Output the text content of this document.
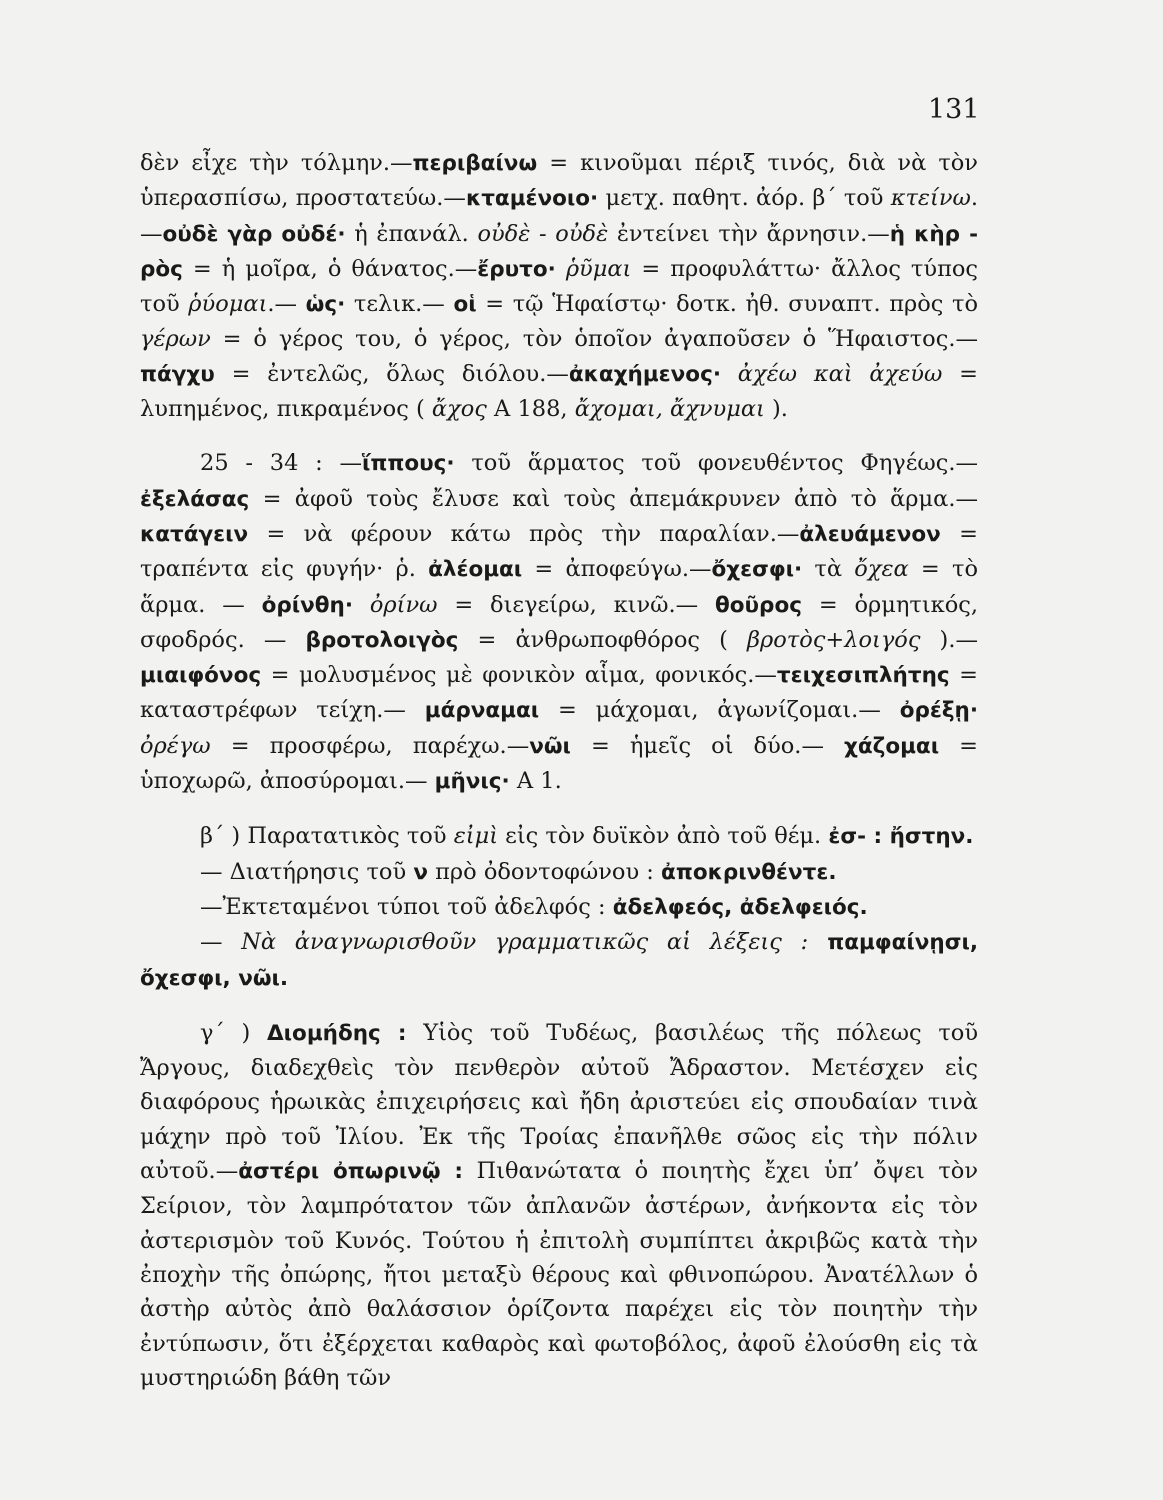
131

δὲν εἶχε τὴν τόλμην.—περιβαίνω = κινοῦμαι πέριξ τινός, διὰ νὰ τὸν ὑπερασπίσω, προστατεύω.—κταμένοιο· μετχ. παθητ. ἀόρ. β΄ τοῦ κτείνω.—οὐδὲ γὰρ οὐδέ· ἡ ἐπανάλ. οὐδὲ - οὐδὲ ἐντείνει τὴν ἄρνησιν.—ἡ κὴρ - ρὸς = ἡ μοῖρα, ὁ θάνατος.—ἔρυτο· ῥῦμαι = προφυλάττω· ἄλλος τύπος τοῦ ῥύομαι.— ὡς· τελικ.— οἱ = τῷ Ἡφαίστῳ· δοτκ. ἠθ. συναπτ. πρὸς τὸ γέρων = ὁ γέρος του, ὁ γέρος, τὸν ὁποῖον ἀγαποῦσεν ὁ Ἥφαιστος.—πάγχυ = ἐντελῶς, ὅλως διόλου.—ἀκαχήμενος· ἀχέω καὶ ἀχεύω = λυπημένος, πικραμένος ( ἄχος Α 188, ἄχομαι, ἄχνυμαι ).

25 - 34 : —ἵππους· τοῦ ἅρματος τοῦ φονευθέντος Φηγέως.— ἐξελάσας = ἀφοῦ τοὺς ἔλυσε καὶ τοὺς ἀπεμάκρυνεν ἀπὸ τὸ ἅρμα.—κατάγειν = νὰ φέρουν κάτω πρὸς τὴν παραλίαν.—ἀλευάμενον = τραπέντα εἰς φυγήν· ῥ. ἀλέομαι = ἀποφεύγω.—ὄχεσφι· τὰ ὄχεα = τὸ ἅρμα. — ὀρίνθη· ὀρίνω = διεγείρω, κινῶ.— θοῦρος = ὁρμητικός, σφοδρός. — βροτολοιγὸς = ἀνθρωποφθόρος ( βροτὸς+λοιγός ).—μιαιφόνος = μολυσμένος μὲ φονικὸν αἷμα, φονικός.—τειχεσιπλήτης = καταστρέφων τείχη.— μάρναμαι = μάχομαι, ἀγωνίζομαι.— ὀρέξῃ· ὀρέγω = προσφέρω, παρέχω.—νῶι = ἡμεῖς οἱ δύο.— χάζομαι = ὑποχωρῶ, ἀποσύρομαι.— μῆνις· Α 1.

β΄ ) Παρατατικὸς τοῦ εἰμὶ εἰς τὸν δυϊκὸν ἀπὸ τοῦ θέμ. ἐσ- : ἤστην.

— Διατήρησις τοῦ ν πρὸ ὀδοντοφώνου : ἀποκρινθέντε.

—Ἐκτεταμένοι τύποι τοῦ ἀδελφός : ἀδελφεός, ἀδελφειός.

— Νὰ ἀναγνωρισθοῦν γραμματικῶς αἱ λέξεις : παμφαίνῃσι, ὄχεσφι, νῶι.

γ΄ ) Διομήδης : Υἱὸς τοῦ Τυδέως, βασιλέως τῆς πόλεως τοῦ Ἄργους, διαδεχθεὶς τὸν πενθερὸν αὐτοῦ Ἄδραστον. Μετέσχεν εἰς διαφόρους ἡρωικὰς ἐπιχειρήσεις καὶ ἤδη ἀριστεύει εἰς σπουδαίαν τινὰ μάχην πρὸ τοῦ Ἰλίου. Ἐκ τῆς Τροίας ἐπανῆλθε σῶος εἰς τὴν πόλιν αὐτοῦ.—ἀστέρι ὀπωρινῷ : Πιθανώτατα ὁ ποιητὴς ἔχει ὑπ’ ὄψει τὸν Σείριον, τὸν λαμπρότατον τῶν ἀπλανῶν ἀστέρων, ἀνήκοντα εἰς τὸν ἀστερισμὸν τοῦ Κυνός. Τούτου ἡ ἐπιτολὴ συμπίπτει ἀκριβῶς κατὰ τὴν ἐποχὴν τῆς ὀπώρης, ἤτοι μεταξὺ θέρους καὶ φθινοπώρου. Ἀνατέλλων ὁ ἀστὴρ αὐτὸς ἀπὸ θαλάσσιον ὁρίζοντα παρέχει εἰς τὸν ποιητὴν τὴν ἐντύπωσιν, ὅτι ἐξέρχεται καθαρὸς καὶ φωτοβόλος, ἀφοῦ ἐλούσθη εἰς τὰ μυστηριώδη βάθη τῶν
